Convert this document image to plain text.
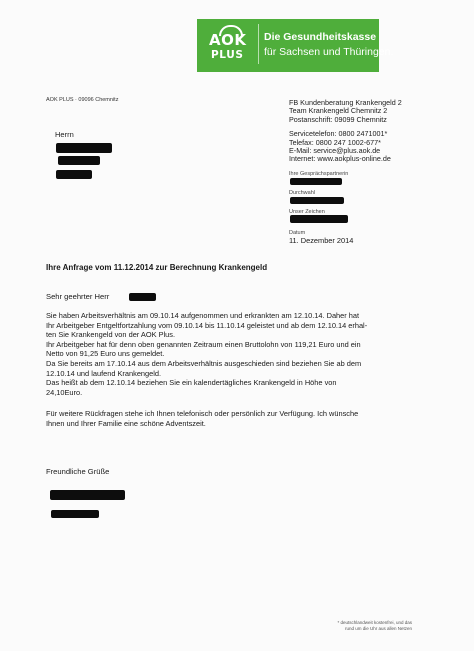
AOK
PLUS
Die Gesundheitskasse
für Sachsen und Thüringen.
AOK PLUS · 09096 Chemnitz
Herrn
FB Kundenberatung Krankengeld 2
Team Krankengeld Chemnitz 2
Postanschrift: 09099 Chemnitz
Servicetelefon: 0800 2471001*
Telefax: 0800 247 1002-677*
E-Mail: service@plus.aok.de
Internet: www.aokplus-online.de
Ihre Gesprächspartnerin
Durchwahl
Unser Zeichen
Datum
11. Dezember 2014
Ihre Anfrage vom 11.12.2014 zur Berechnung Krankengeld
Sehr geehrter Herr

Sie haben Arbeitsverhältnis am 09.10.14 aufgenommen und erkrankten am 12.10.14. Daher hat

Ihr Arbeitgeber Entgeltfortzahlung vom 09.10.14 bis 11.10.14 geleistet und ab dem 12.10.14 erhal-

ten Sie Krankengeld von der AOK Plus.

Ihr Arbeitgeber hat für denn oben genannten Zeitraum einen Bruttolohn von 119,21 Euro und ein

Netto von 91,25 Euro uns gemeldet.

Da Sie bereits am 17.10.14 aus dem Arbeitsverhältnis ausgeschieden sind beziehen Sie ab dem

12.10.14 und laufend Krankengeld.

Das heißt ab dem 12.10.14 beziehen Sie ein kalendertägliches Krankengeld in Höhe von

24,10Euro.

Für weitere Rückfragen stehe ich Ihnen telefonisch oder persönlich zur Verfügung. Ich wünsche

Ihnen und Ihrer Familie eine schöne Adventszeit.

Freundliche Grüße
* deutschlandweit kostenfrei, und das
rund um die Uhr aus allen Netzen
